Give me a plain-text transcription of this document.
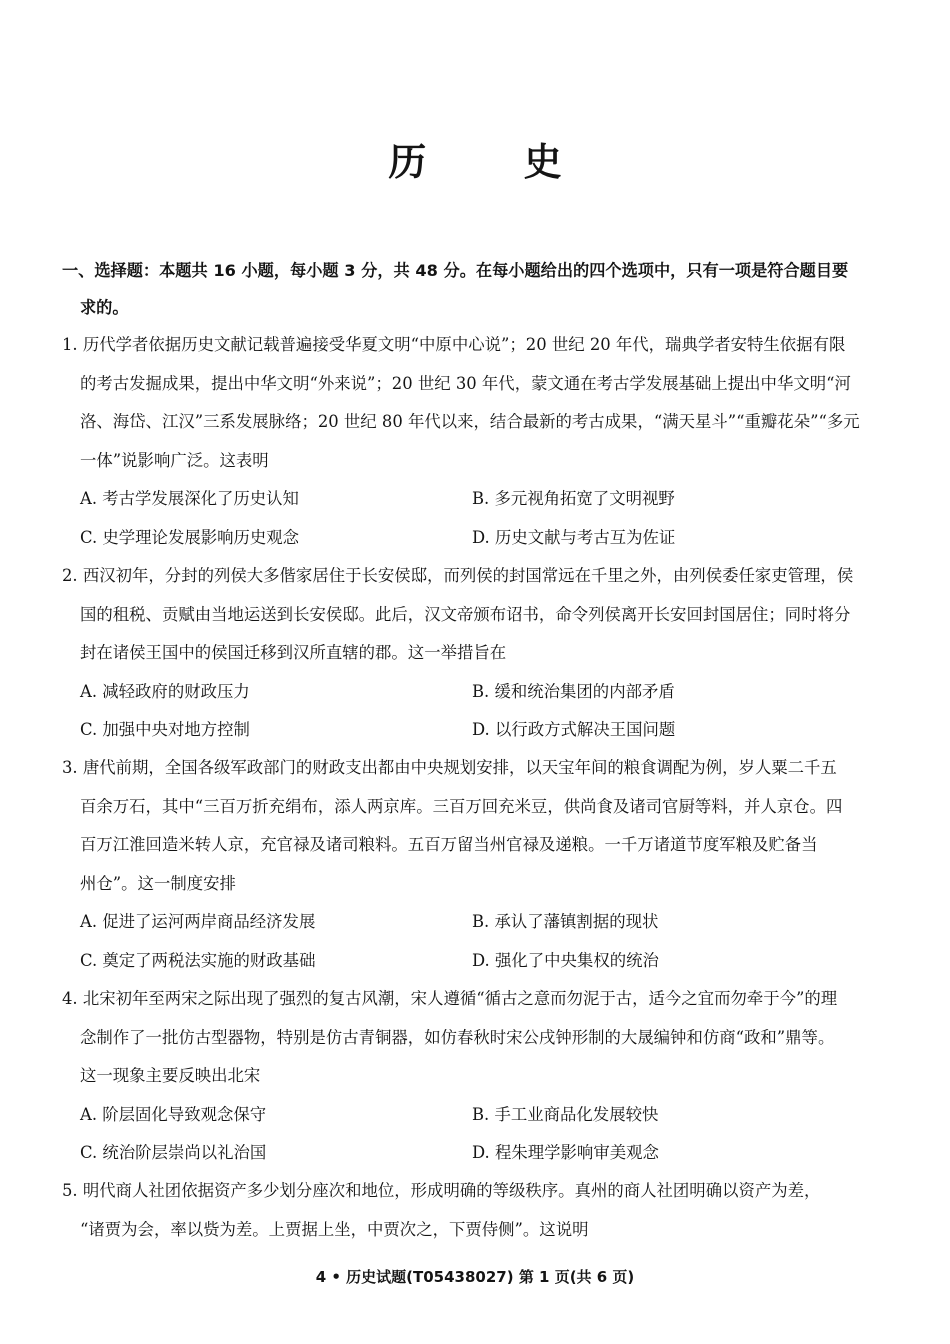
历 史
一、选择题：本题共 16 小题，每小题 3 分，共 48 分。在每小题给出的四个选项中，只有一项是符合题目要
求的。
1. 历代学者依据历史文献记载普遍接受华夏文明“中原中心说”；20 世纪 20 年代，瑞典学者安特生依据有限
的考古发掘成果，提出中华文明“外来说”；20 世纪 30 年代，蒙文通在考古学发展基础上提出中华文明“河
洛、海岱、江汉”三系发展脉络；20 世纪 80 年代以来，结合最新的考古成果，“满天星斗”“重瓣花朵”“多元
一体”说影响广泛。这表明
A. 考古学发展深化了历史认知	B. 多元视角拓宽了文明视野
C. 史学理论发展影响历史观念	D. 历史文献与考古互为佐证
2. 西汉初年，分封的列侯大多偕家居住于长安侯邸，而列侯的封国常远在千里之外，由列侯委任家吏管理，侯
国的租税、贡赋由当地运送到长安侯邸。此后，汉文帝颁布诏书，命令列侯离开长安回封国居住；同时将分
封在诸侯王国中的侯国迁移到汉所直辖的郡。这一举措旨在
A. 减轻政府的财政压力	B. 缓和统治集团的内部矛盾
C. 加强中央对地方控制	D. 以行政方式解决王国问题
3. 唐代前期，全国各级军政部门的财政支出都由中央规划安排，以天宝年间的粮食调配为例，岁人粟二千五
百余万石，其中“三百万折充绢布，添人两京库。三百万回充米豆，供尚食及诸司官厨等料，并人京仓。四
百万江淮回造米转人京，充官禄及诸司粮料。五百万留当州官禄及递粮。一千万诸道节度军粮及贮备当
州仓”。这一制度安排
A. 促进了运河两岸商品经济发展	B. 承认了藩镇割据的现状
C. 奠定了两税法实施的财政基础	D. 强化了中央集权的统治
4. 北宋初年至两宋之际出现了强烈的复古风潮，宋人遵循“循古之意而勿泥于古，适今之宜而勿牵于今”的理
念制作了一批仿古型器物，特别是仿古青铜器，如仿春秋时宋公戌钟形制的大晟编钟和仿商“政和”鼎等。
这一现象主要反映出北宋
A. 阶层固化导致观念保守	B. 手工业商品化发展较快
C. 统治阶层崇尚以礼治国	D. 程朱理学影响审美观念
5. 明代商人社团依据资产多少划分座次和地位，形成明确的等级秩序。真州的商人社团明确以资产为差，
“诸贾为会，率以赀为差。上贾据上坐，中贾次之，下贾侍侧”。这说明
4 • 历史试题(T05438027) 第 1 页(共 6 页)
